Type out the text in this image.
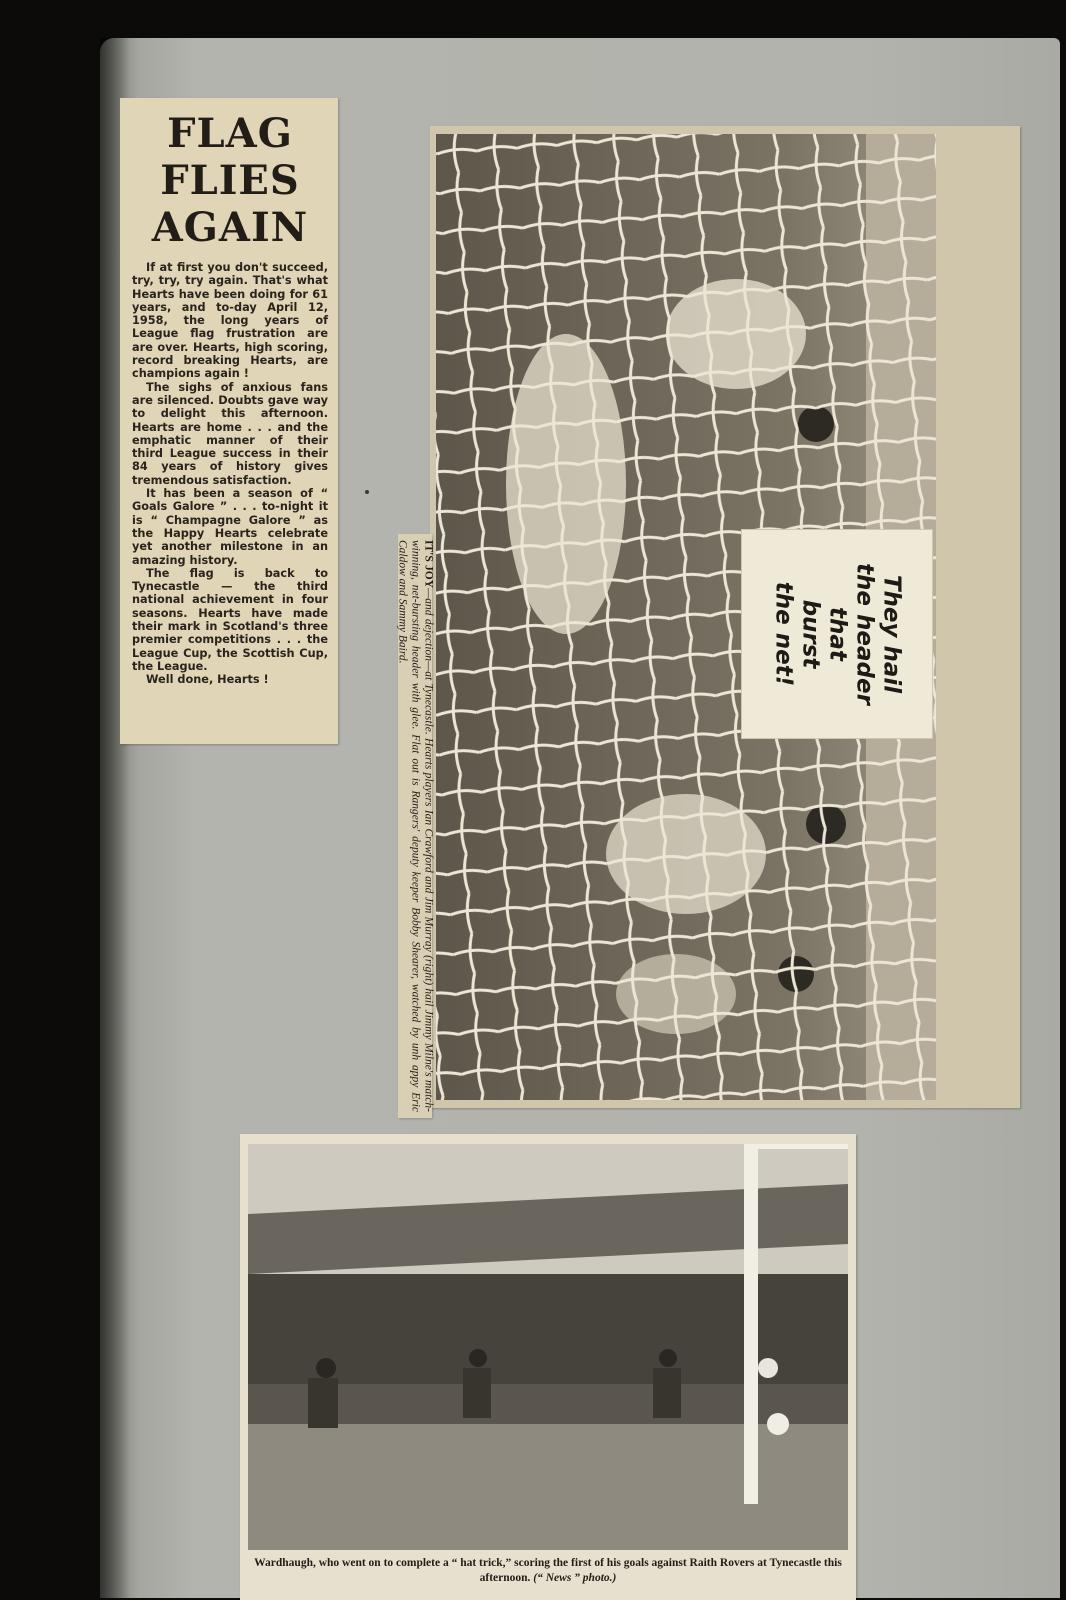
FLAG
FLIES
AGAIN

If at first you don't succeed, try, try, try again. That's what Hearts have been doing for 61 years, and to-day April 12, 1958, the long years of League flag frustration are are over. Hearts, high scoring, record breaking Hearts, are champions again !

The sighs of anxious fans are silenced. Doubts gave way to delight this afternoon. Hearts are home . . . and the emphatic manner of their third League success in their 84 years of history gives tremendous satisfaction.

It has been a season of “ Goals Galore ” . . . to-night it is “ Champagne Galore ” as the Happy Hearts celebrate yet another milestone in an amazing history.

The flag is back to Tynecastle — the third national achievement in four seasons. Hearts have made their mark in Scotland's three premier competitions . . . the League Cup, the Scottish Cup, the League.

Well done, Hearts !	They hail
the header
that
burst
the net!
IT'S JOY—and dejection—at Tynecastle. Hearts players Ian Crawford and Jim Murray (right) hail Jimmy Milne's match-winning, net-bursting header with glee. Flat out is Rangers' deputy keeper Bobby Shearer, watched by unh appy Eric Caldow and Sammy Baird.
Wardhaugh, who went on to complete a “ hat trick,” scoring the first of his goals against Raith Rovers at Tynecastle this afternoon. (“ News ” photo.)
